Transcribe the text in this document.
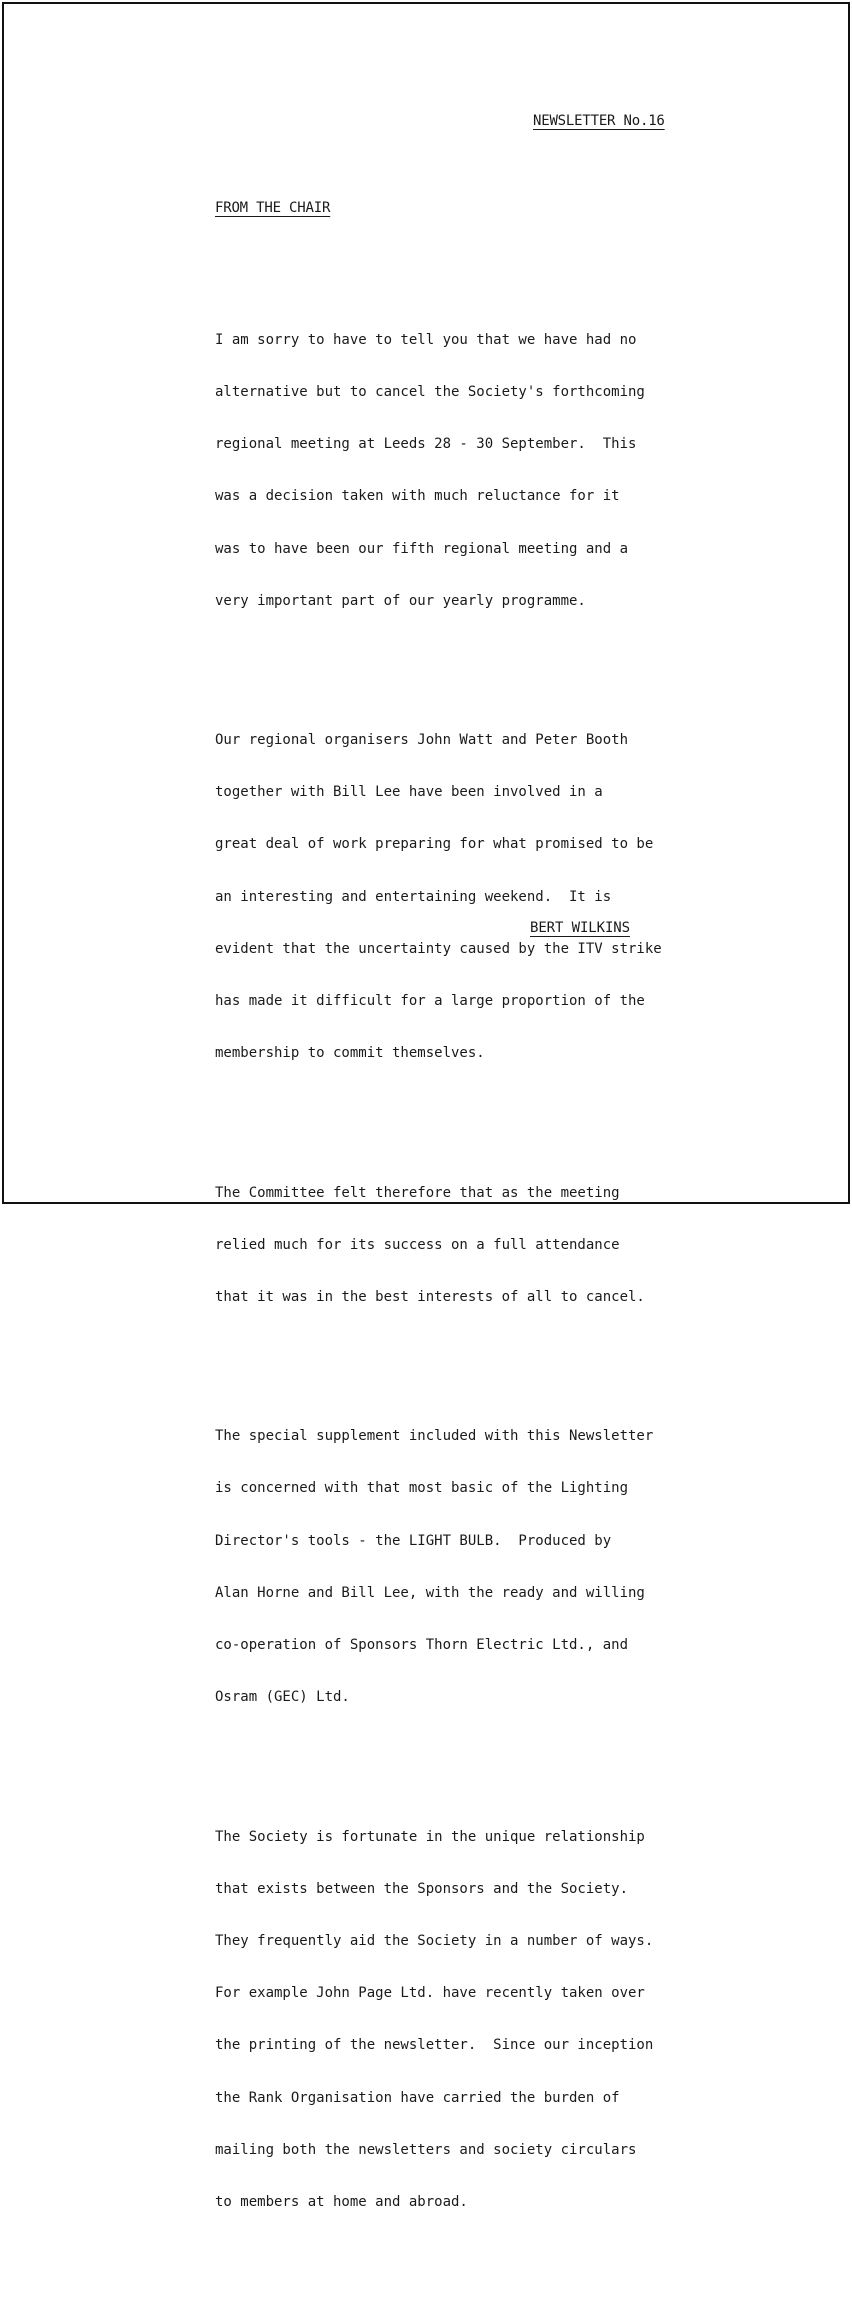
NEWSLETTER No.16
FROM THE CHAIR

I am sorry to have to tell you that we have had no

alternative but to cancel the Society's forthcoming

regional meeting at Leeds 28 - 30 September.  This

was a decision taken with much reluctance for it

was to have been our fifth regional meeting and a

very important part of our yearly programme.

Our regional organisers John Watt and Peter Booth

together with Bill Lee have been involved in a

great deal of work preparing for what promised to be

an interesting and entertaining weekend.  It is

evident that the uncertainty caused by the ITV strike

has made it difficult for a large proportion of the

membership to commit themselves.

The Committee felt therefore that as the meeting

relied much for its success on a full attendance

that it was in the best interests of all to cancel.

The special supplement included with this Newsletter

is concerned with that most basic of the Lighting

Director's tools - the LIGHT BULB.  Produced by

Alan Horne and Bill Lee, with the ready and willing

co-operation of Sponsors Thorn Electric Ltd., and

Osram (GEC) Ltd.

The Society is fortunate in the unique relationship

that exists between the Sponsors and the Society.

They frequently aid the Society in a number of ways.

For example John Page Ltd. have recently taken over

the printing of the newsletter.  Since our inception

the Rank Organisation have carried the burden of

mailing both the newsletters and society circulars

to members at home and abroad.

BERT WILKINS
